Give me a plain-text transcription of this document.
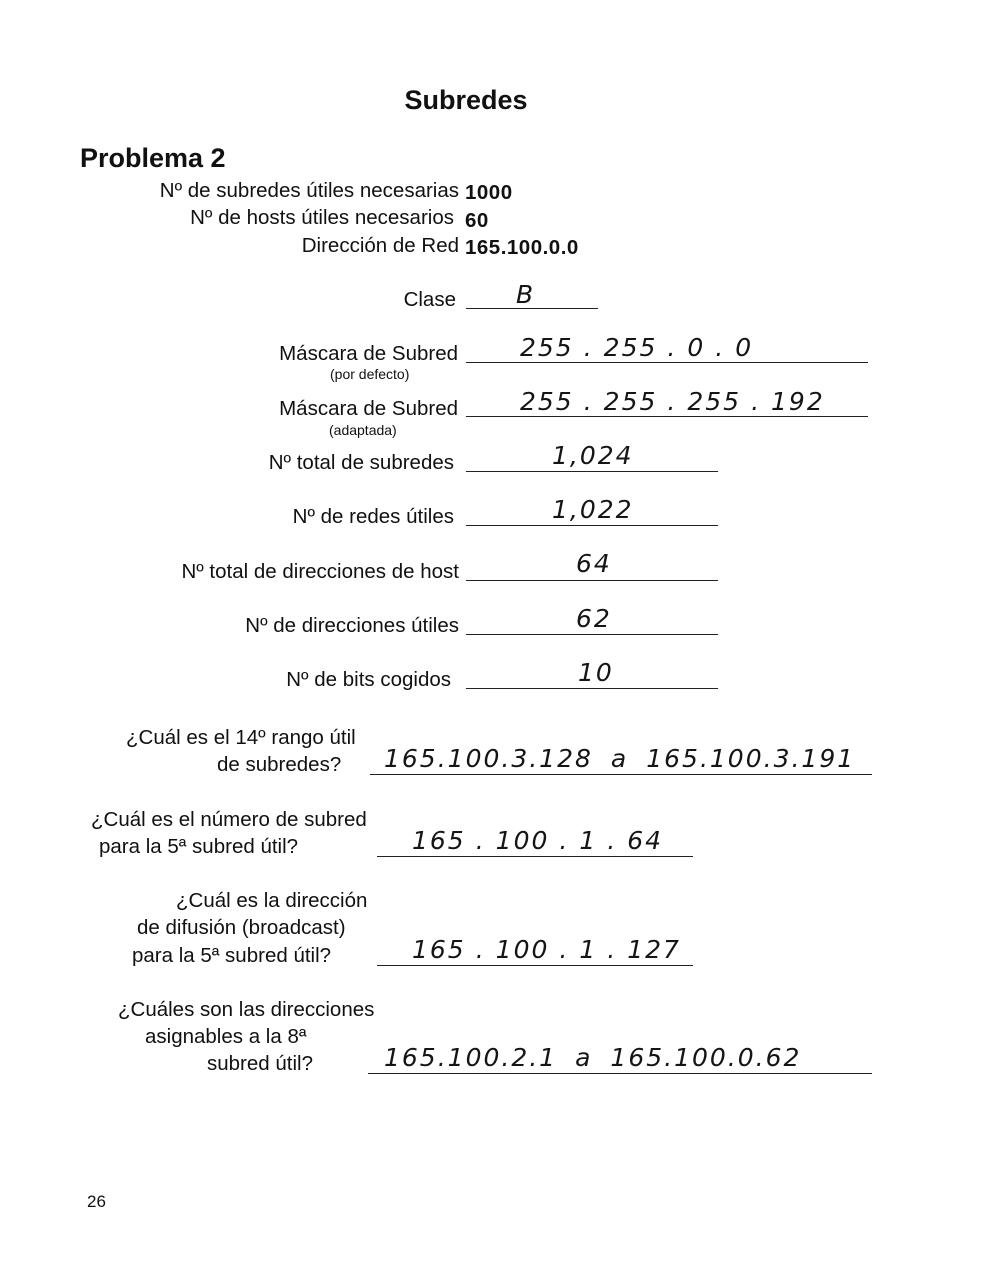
Subredes
Problema 2
Nº de subredes útiles necesarias 1000
Nº de hosts útiles necesarios 60
Dirección de Red 165.100.0.0
Clase B
Máscara de Subred
(por defecto)
255 . 255 . 0 . 0
Máscara de Subred
(adaptada)
255 . 255 . 255 . 192
Nº total de subredes	1,024
Nº de redes útiles	1,022
Nº total de direcciones de host	64
Nº de direcciones útiles	62
Nº de bits cogidos	10
¿Cuál es el 14º rango útil
de subredes? 165.100.3.128 a 165.100.3.191
¿Cuál es el número de subred
para la 5ª subred útil?	165 . 100 . 1 . 64
¿Cuál es la dirección
de difusión (broadcast)
para la 5ª subred útil?	165 . 100 . 1 . 127
¿Cuáles son las direcciones
asignables a la 8ª
subred útil?	165.100.2.1 a 165.100.0.62
26
